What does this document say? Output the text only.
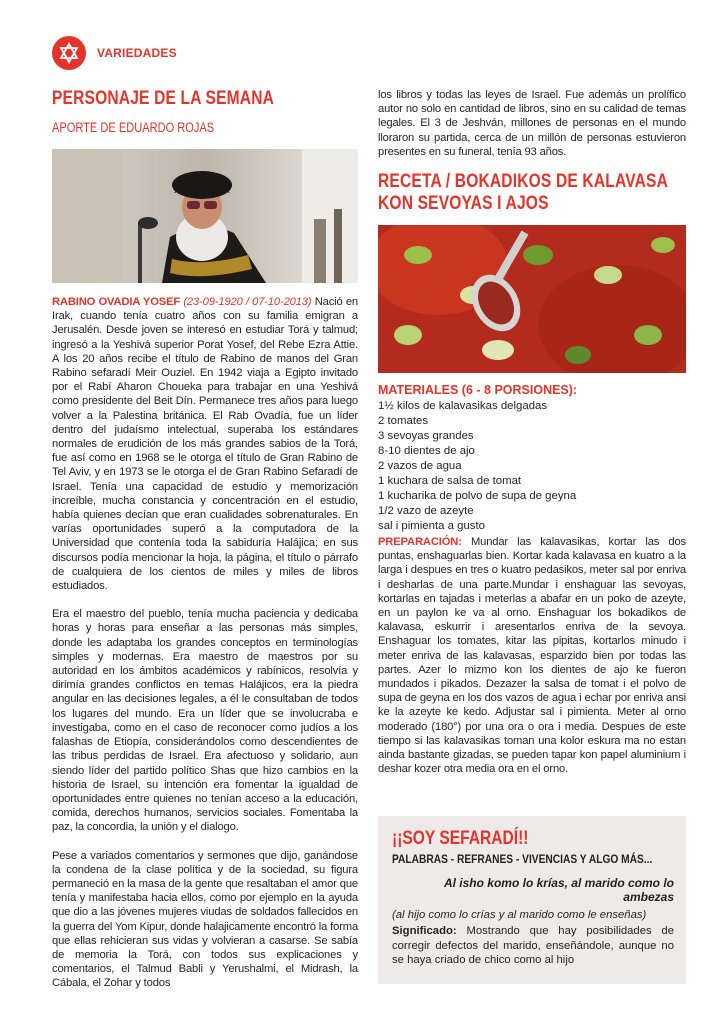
VARIEDADES
PERSONAJE DE LA SEMANA
APORTE DE EDUARDO ROJAS

RABINO OVADIA YOSEF (23-09-1920 / 07-10-2013) Nació en Irak, cuando tenía cuatro años con su familia emigran a Jerusalén. Desde joven se interesó en estudiar Torá y talmud; ingresó a la Yeshivá superior Porat Yosef, del Rebe Ezra Attie. A los 20 años recibe el título de Rabino de manos del Gran Rabino sefaradí Meir Ouziel. En 1942 viaja a Egipto invitado por el Rabí Aharon Choueka para trabajar en una Yeshivá como presidente del Beit Dín. Permanece tres años para luego volver a la Palestina británica. El Rab Ovadía, fue un líder dentro del judaísmo intelectual, superaba los estándares normales de erudición de los más grandes sabios de la Torá, fue así como en 1968 se le otorga el título de Gran Rabino de Tel Aviv, y en 1973 se le otorga el de Gran Rabino Sefaradí de Israel. Tenía una capacidad de estudio y memorización increíble, mucha constancia y concentración en el estudio, había quienes decían que eran cualidades sobrenaturales. En varías oportunidades superó a la computadora de la Universidad que contenía toda la sabiduría Halájica; en sus discursos podía mencionar la hoja, la página, el título o párrafo de cualquiera de los cientos de miles y miles de libros estudiados.

Era el maestro del pueblo, tenía mucha paciencia y dedicaba horas y horas para enseñar a las personas más simples, donde les adaptaba los grandes conceptos en terminologías simples y modernas. Era maestro de maestros por su autoridad en los ámbitos académicos y rabínicos, resolvía y dirimía grandes conflictos en temas Halájicos, era la piedra angular en las decisiones legales, a él le consultaban de todos los lugares del mundo. Era un líder que se involucraba e investigaba, como en el caso de reconocer como judíos a los falashas de Etiopía, considerándolos como descendientes de las tribus perdidas de Israel. Era afectuoso y solidario, aun siendo líder del partido político Shas que hizo cambios en la historia de Israel, su intención era fomentar la igualdad de oportunidades entre quienes no tenían acceso a la educación, comida, derechos humanos, servicios sociales. Fomentaba la paz, la concordia, la unión y el dialogo.

Pese a variados comentarios y sermones que dijo, ganándose la condena de la clase política y de la sociedad, su figura permaneció en la masa de la gente que resaltaban el amor que tenía y manifestaba hacia ellos, como por ejemplo en la ayuda que dio a las jóvenes mujeres viudas de soldados fallecidos en la guerra del Yom Kipur, donde halajicamente encontró la forma que ellas rehicieran sus vidas y volvieran a casarse. Se sabía de memoria la Torá, con todos sus explicaciones y comentarios, el Talmud Babli y Yerushalmi, el Midrash, la Cábala, el Zohar y todos

los libros y todas las leyes de Israel. Fue además un prolífico autor no solo en cantidad de libros, sino en su calidad de temas legales. El 3 de Jeshván, millones de personas en el mundo lloraron su partida, cerca de un millón de personas estuvieron presentes en su funeral, tenía 93 años.

RECETA / BOKADIKOS DE KALAVASA KON SEVOYAS I AJOS
MATERIALES (6 - 8 PORSIONES):
1½ kilos de kalavasikas delgadas
2 tomates
3 sevoyas grandes
8-10 dientes de ajo
2 vazos de agua
1 kuchara de salsa de tomat
1 kucharika de polvo de supa de geyna
1/2 vazo de azeyte
sal i pimienta a gusto

PREPARACIÓN: Mundar las kalavasikas, kortar las dos puntas, enshaguarlas bien. Kortar kada kalavasa en kuatro a la larga i despues en tres o kuatro pedasikos, meter sal por enriva i desharlas de una parte.Mundar i enshaguar las sevoyas, kortarlas en tajadas i meterlas a abafar en un poko de azeyte, en un paylon ke va al orno. Enshaguar los bokadikos de kalavasa, eskurrir i aresentarlos enriva de la sevoya. Enshaguar los tomates, kitar las pipitas, kortarlos minudo i meter enriva de las kalavasas, esparzido bien por todas las partes. Azer lo mizmo kon los dientes de ajo ke fueron mundados i pikados. Dezazer la salsa de tomat i el polvo de supa de geyna en los dos vazos de agua i echar por enriva ansi ke la azeyte ke kedo. Adjustar sal i pimienta. Meter al orno moderado (180°) por una ora o ora i media. Despues de este tiempo si las kalavasikas toman una kolor eskura ma no estan ainda bastante gizadas, se pueden tapar kon papel aluminium i deshar kozer otra media ora en el orno.

¡¡SOY SEFARADÍ!!
PALABRAS - REFRANES - VIVENCIAS Y ALGO MÁS...
Al isho komo lo krías, al marido como lo ambezas
(al hijo como lo crías y al marido como le enseñas)
Significado: Mostrando que hay posibilidades de corregir defectos del marido, enseñándole, aunque no se haya criado de chico como al hijo
